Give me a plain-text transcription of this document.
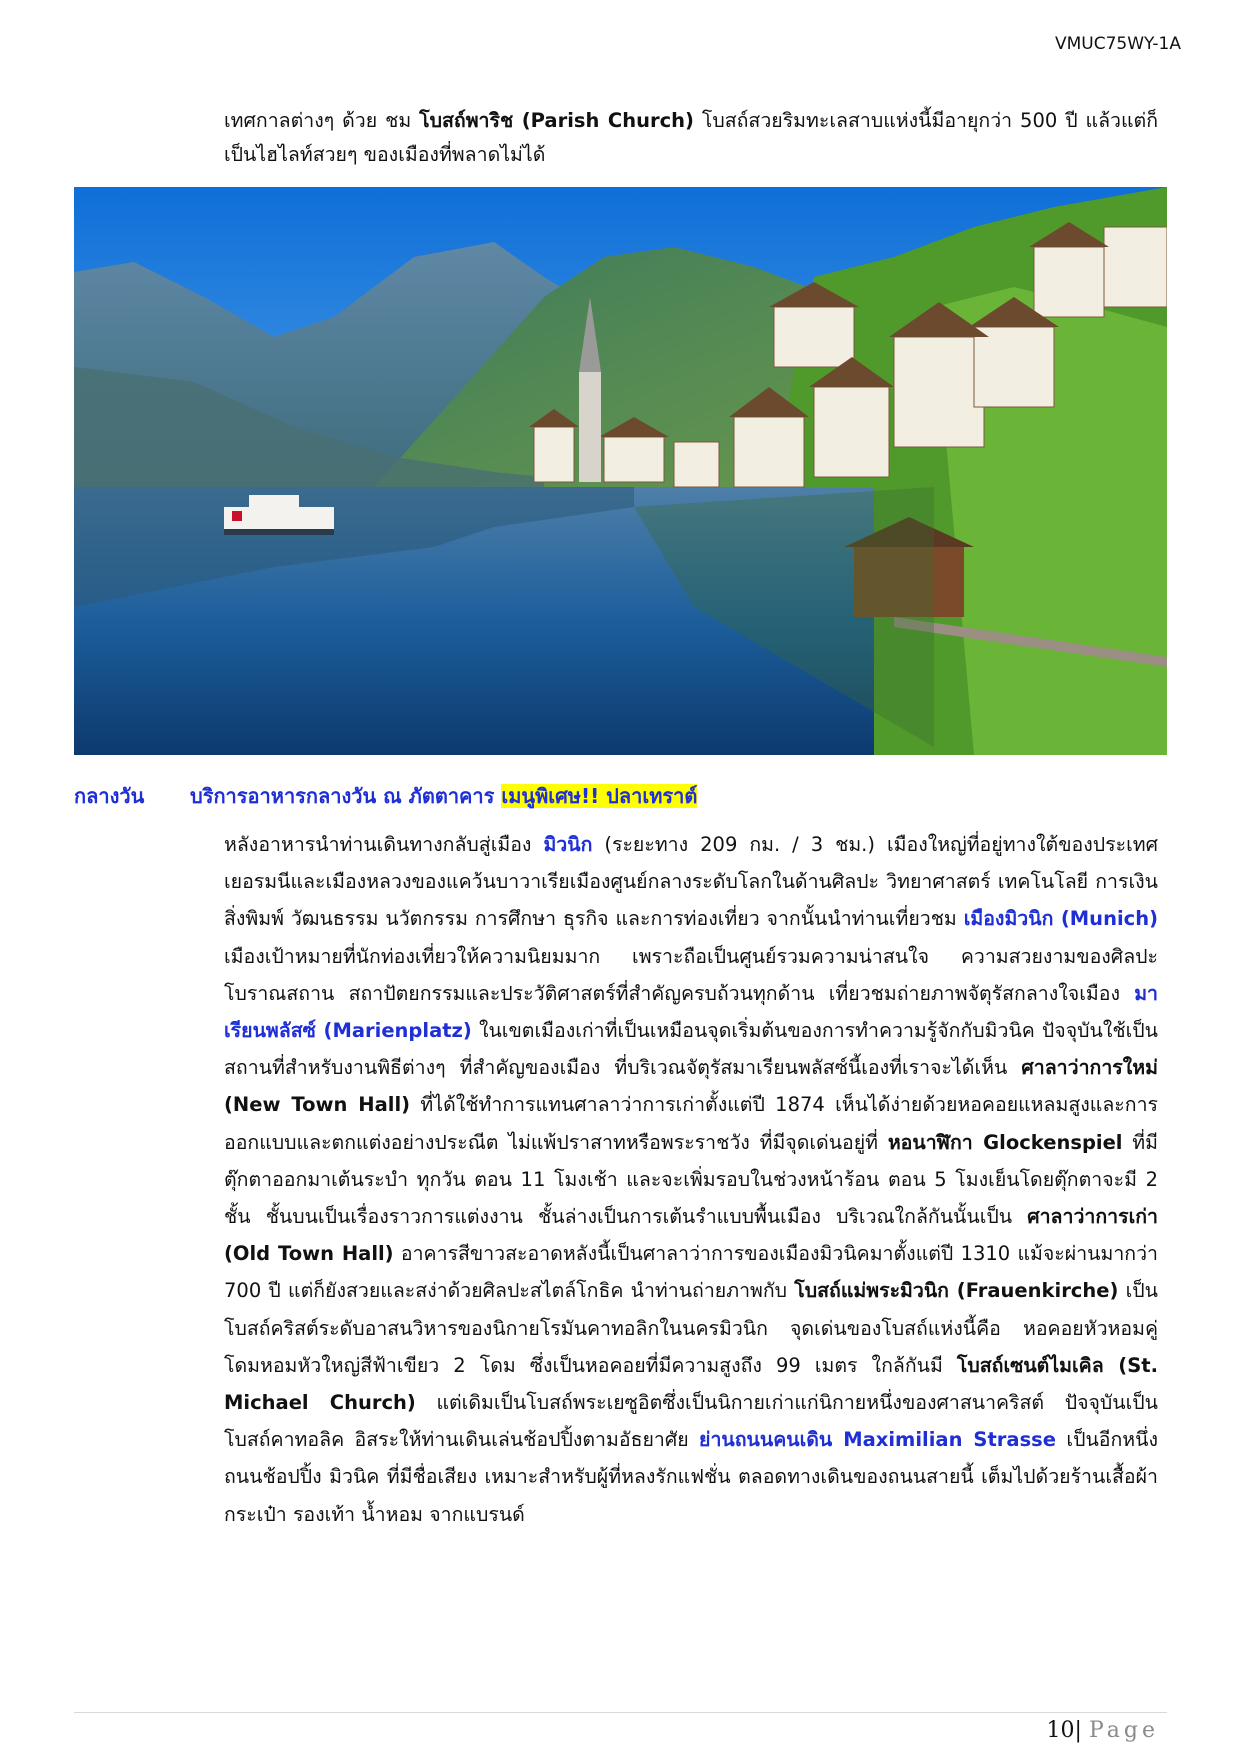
VMUC75WY-1A
เทศกาลต่างๆ ด้วย ชม โบสถ์พาริช (Parish Church) โบสถ์สวยริมทะเลสาบแห่งนี้มีอายุกว่า 500 ปี แล้วแต่ก็เป็นไฮไลท์สวยๆ ของเมืองที่พลาดไม่ได้
กลางวัน บริการอาหารกลางวัน ณ ภัตตาคาร เมนูพิเศษ!! ปลาเทราต์
หลังอาหารนำท่านเดินทางกลับสู่เมือง มิวนิก (ระยะทาง 209 กม. / 3 ชม.) เมืองใหญ่ที่อยู่ทางใต้ของประเทศเยอรมนีและเมืองหลวงของแคว้นบาวาเรียเมืองศูนย์กลางระดับโลกในด้านศิลปะ วิทยาศาสตร์ เทคโนโลยี การเงิน สิ่งพิมพ์ วัฒนธรรม นวัตกรรม การศึกษา ธุรกิจ และการท่องเที่ยว จากนั้นนำท่านเที่ยวชม เมืองมิวนิก (Munich) เมืองเป้าหมายที่นักท่องเที่ยวให้ความนิยมมาก เพราะถือเป็นศูนย์รวมความน่าสนใจ ความสวยงามของศิลปะ โบราณสถาน สถาปัตยกรรมและประวัติศาสตร์ที่สำคัญครบถ้วนทุกด้าน เที่ยวชมถ่ายภาพจัตุรัสกลางใจเมือง มาเรียนพลัสซ์ (Marienplatz) ในเขตเมืองเก่าที่เป็นเหมือนจุดเริ่มต้นของการทำความรู้จักกับมิวนิค ปัจจุบันใช้เป็นสถานที่สำหรับงานพิธีต่างๆ ที่สำคัญของเมือง ที่บริเวณจัตุรัสมาเรียนพลัสซ์นี้เองที่เราจะได้เห็น ศาลาว่าการใหม่ (New Town Hall) ที่ได้ใช้ทำการแทนศาลาว่าการเก่าตั้งแต่ปี 1874 เห็นได้ง่ายด้วยหอคอยแหลมสูงและการออกแบบและตกแต่งอย่างประณีต ไม่แพ้ปราสาทหรือพระราชวัง ที่มีจุดเด่นอยู่ที่ หอนาฬิกา Glockenspiel ที่มีตุ๊กตาออกมาเต้นระบำ ทุกวัน ตอน 11 โมงเช้า และจะเพิ่มรอบในช่วงหน้าร้อน ตอน 5 โมงเย็นโดยตุ๊กตาจะมี 2 ชั้น ชั้นบนเป็นเรื่องราวการแต่งงาน ชั้นล่างเป็นการเต้นรำแบบพื้นเมือง บริเวณใกล้กันนั้นเป็น ศาลาว่าการเก่า (Old Town Hall) อาคารสีขาวสะอาดหลังนี้เป็นศาลาว่าการของเมืองมิวนิคมาตั้งแต่ปี 1310 แม้จะผ่านมากว่า 700 ปี แต่ก็ยังสวยและสง่าด้วยศิลปะสไตล์โกธิค นำท่านถ่ายภาพกับ โบสถ์แม่พระมิวนิก (Frauenkirche) เป็นโบสถ์คริสต์ระดับอาสนวิหารของนิกายโรมันคาทอลิกในนครมิวนิก จุดเด่นของโบสถ์แห่งนี้คือ หอคอยหัวหอมคู่ โดมหอมหัวใหญ่สีฟ้าเขียว 2 โดม ซึ่งเป็นหอคอยที่มีความสูงถึง 99 เมตร ใกล้กันมี โบสถ์เซนต์ไมเคิล (St. Michael Church) แต่เดิมเป็นโบสถ์พระเยซูอิตซึ่งเป็นนิกายเก่าแก่นิกายหนึ่งของศาสนาคริสต์ ปัจจุบันเป็นโบสถ์คาทอลิค อิสระให้ท่านเดินเล่นช้อปปิ้งตามอัธยาศัย ย่านถนนคนเดิน Maximilian Strasse เป็นอีกหนึ่งถนนช้อปปิ้ง มิวนิค ที่มีชื่อเสียง เหมาะสำหรับผู้ที่หลงรักแฟชั่น ตลอดทางเดินของถนนสายนี้ เต็มไปด้วยร้านเสื้อผ้า กระเป๋า รองเท้า น้ำหอม จากแบรนด์
10| Page
